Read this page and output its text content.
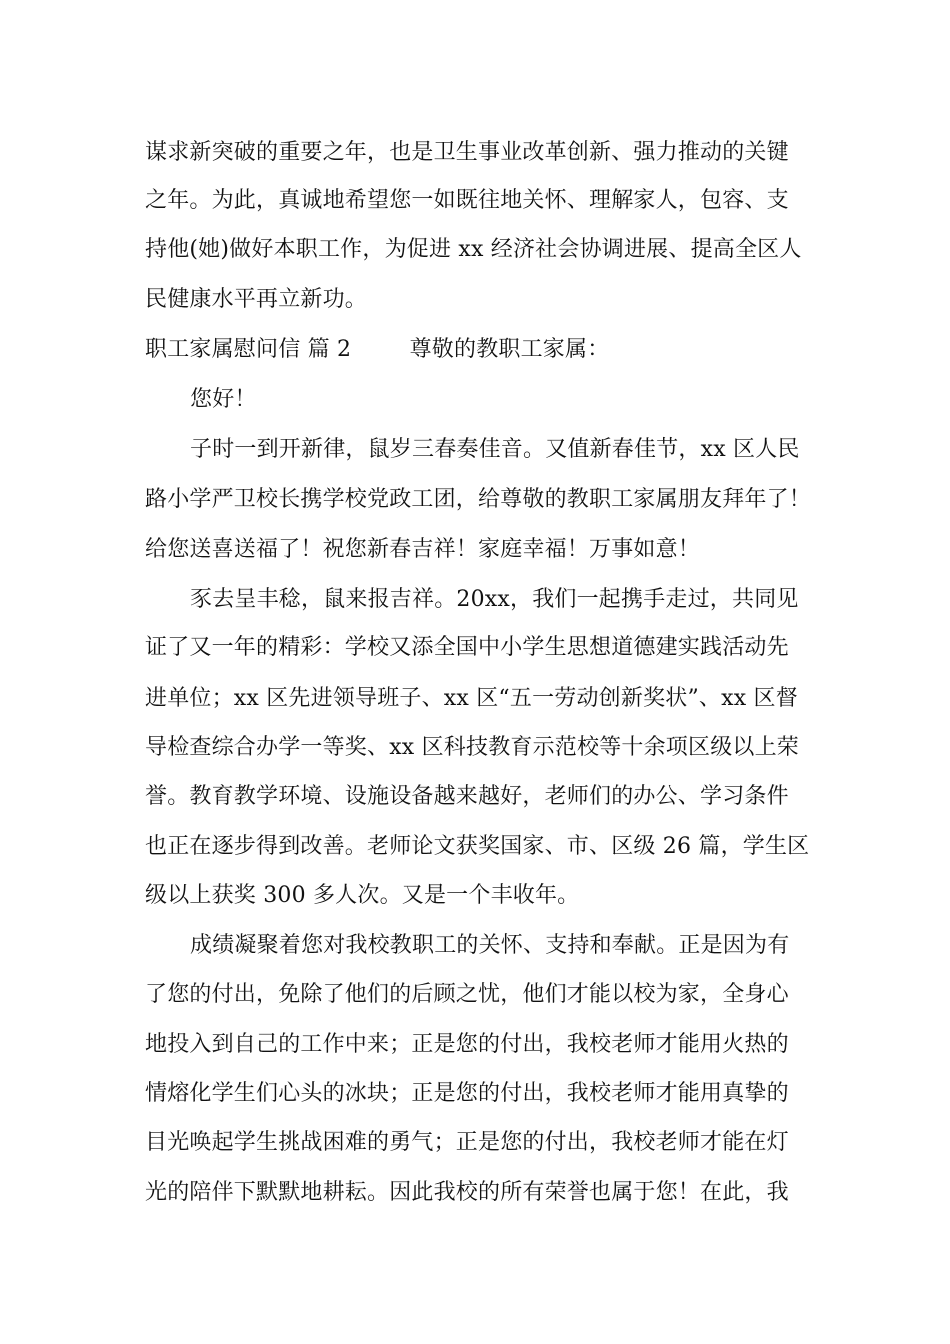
谋求新突破的重要之年，也是卫生事业改革创新、强力推动的关键
之年。为此，真诚地希望您一如既往地关怀、理解家人，包容、支
持他(她)做好本职工作，为促进 xx 经济社会协调进展、提高全区人
民健康水平再立新功。
职工家属慰问信 篇 2	尊敬的教职工家属：
您好！
子时一到开新律，鼠岁三春奏佳音。又值新春佳节，xx 区人民
路小学严卫校长携学校党政工团，给尊敬的教职工家属朋友拜年了！
给您送喜送福了！祝您新春吉祥！家庭幸福！万事如意！
豕去呈丰稔，鼠来报吉祥。20xx，我们一起携手走过，共同见
证了又一年的精彩：学校又添全国中小学生思想道德建实践活动先
进单位；xx 区先进领导班子、xx 区“五一劳动创新奖状”、xx 区督
导检查综合办学一等奖、xx 区科技教育示范校等十余项区级以上荣
誉。教育教学环境、设施设备越来越好，老师们的办公、学习条件
也正在逐步得到改善。老师论文获奖国家、市、区级 26 篇，学生区
级以上获奖 300 多人次。又是一个丰收年。
成绩凝聚着您对我校教职工的关怀、支持和奉献。正是因为有
了您的付出，免除了他们的后顾之忧，他们才能以校为家，全身心
地投入到自己的工作中来；正是您的付出，我校老师才能用火热的
情熔化学生们心头的冰块；正是您的付出，我校老师才能用真挚的
目光唤起学生挑战困难的勇气；正是您的付出，我校老师才能在灯
光的陪伴下默默地耕耘。因此我校的所有荣誉也属于您！在此，我
